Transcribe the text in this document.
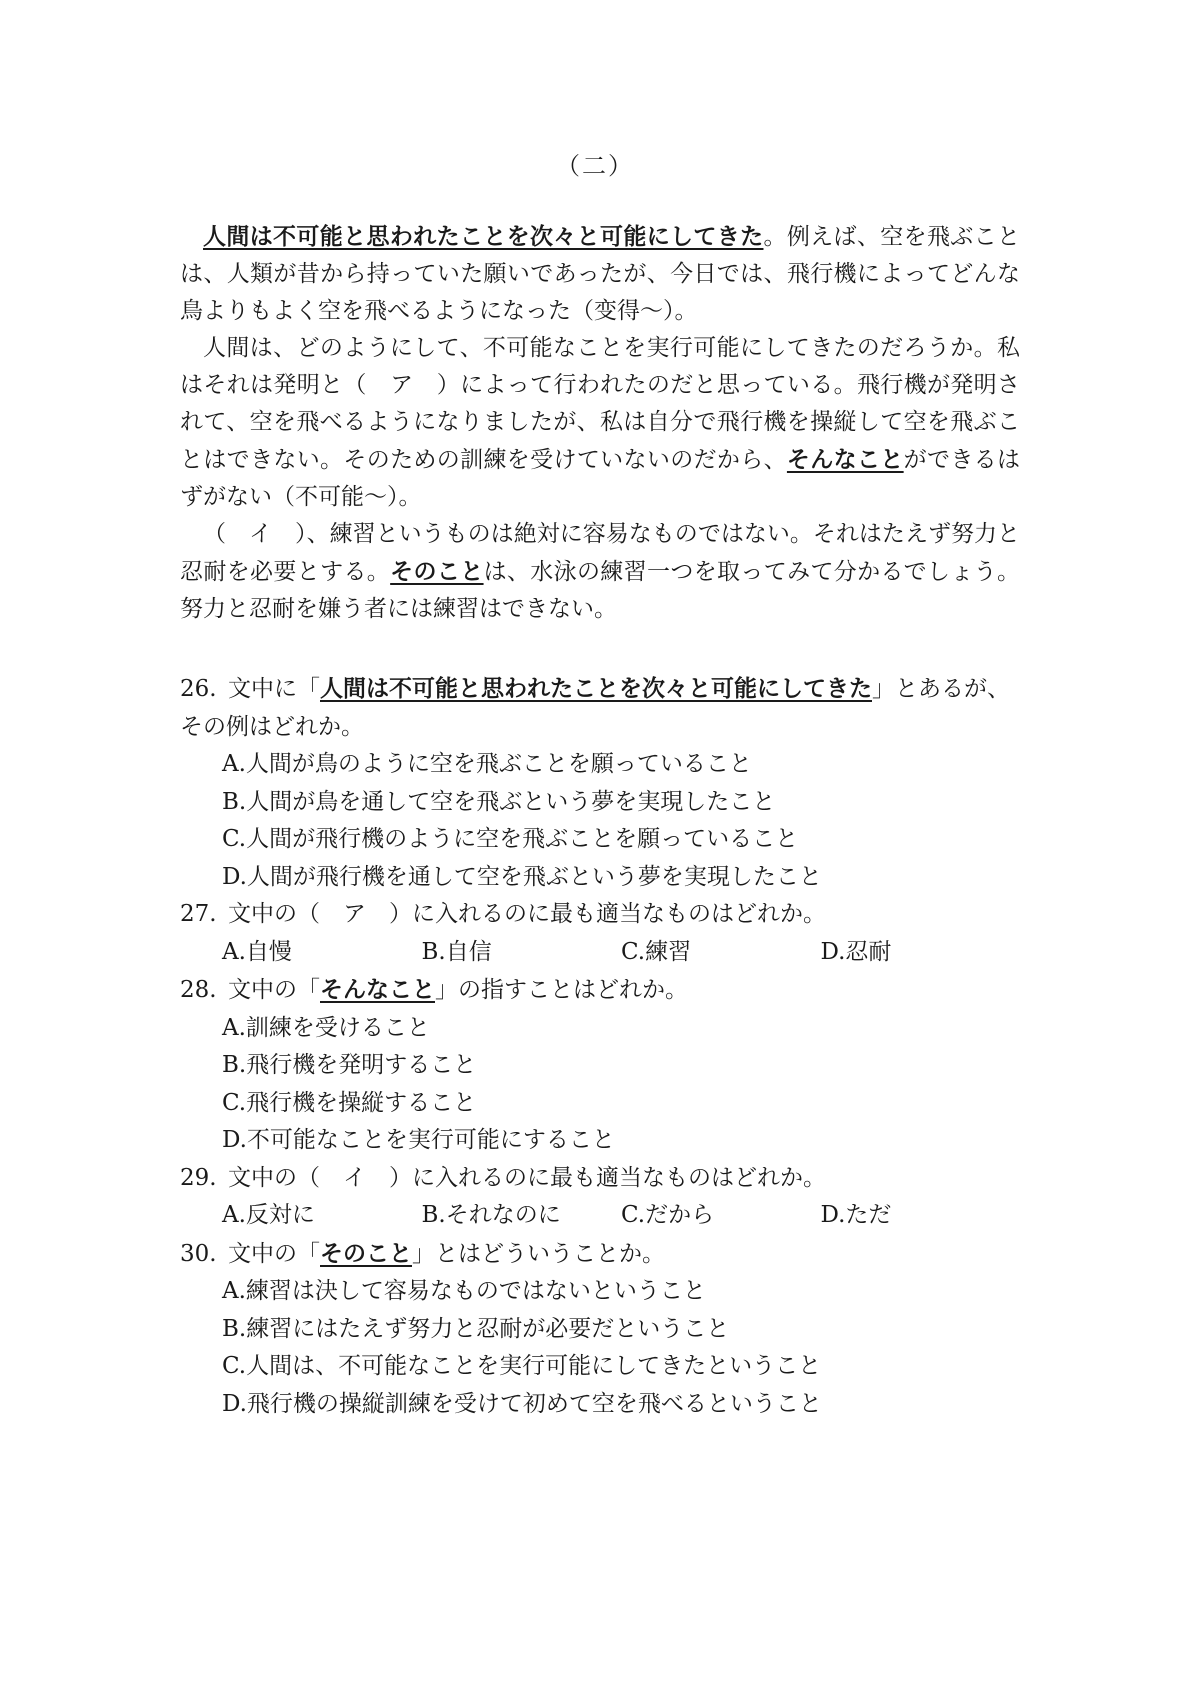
（二）

人間は不可能と思われたことを次々と可能にしてきた。例えば、空を飛ぶことは、人類が昔から持っていた願いであったが、今日では、飛行機によってどんな鳥よりもよく空を飛べるようになった（变得～）。

人間は、どのようにして、不可能なことを実行可能にしてきたのだろうか。私はそれは発明と（　ア　）によって行われたのだと思っている。飛行機が発明されて、空を飛べるようになりましたが、私は自分で飛行機を操縦して空を飛ぶことはできない。そのための訓練を受けていないのだから、そんなことができるはずがない（不可能～）。

（　イ　）、練習というものは絶対に容易なものではない。それはたえず努力と忍耐を必要とする。そのことは、水泳の練習一つを取ってみて分かるでしょう。努力と忍耐を嫌う者には練習はできない。

26. 文中に「人間は不可能と思われたことを次々と可能にしてきた」とあるが、その例はどれか。

A.人間が鳥のように空を飛ぶことを願っていること
B.人間が鳥を通して空を飛ぶという夢を実現したこと
C.人間が飛行機のように空を飛ぶことを願っていること
D.人間が飛行機を通して空を飛ぶという夢を実現したこと

27. 文中の（　ア　）に入れるのに最も適当なものはどれか。

A.自慢	B.自信	C.練習	D.忍耐

28. 文中の「そんなこと」の指すことはどれか。

A.訓練を受けること
B.飛行機を発明すること
C.飛行機を操縦すること
D.不可能なことを実行可能にすること

29. 文中の（　イ　）に入れるのに最も適当なものはどれか。

A.反対に	B.それなのに	C.だから	D.ただ

30. 文中の「そのこと」とはどういうことか。

A.練習は決して容易なものではないということ
B.練習にはたえず努力と忍耐が必要だということ
C.人間は、不可能なことを実行可能にしてきたということ
D.飛行機の操縦訓練を受けて初めて空を飛べるということ
